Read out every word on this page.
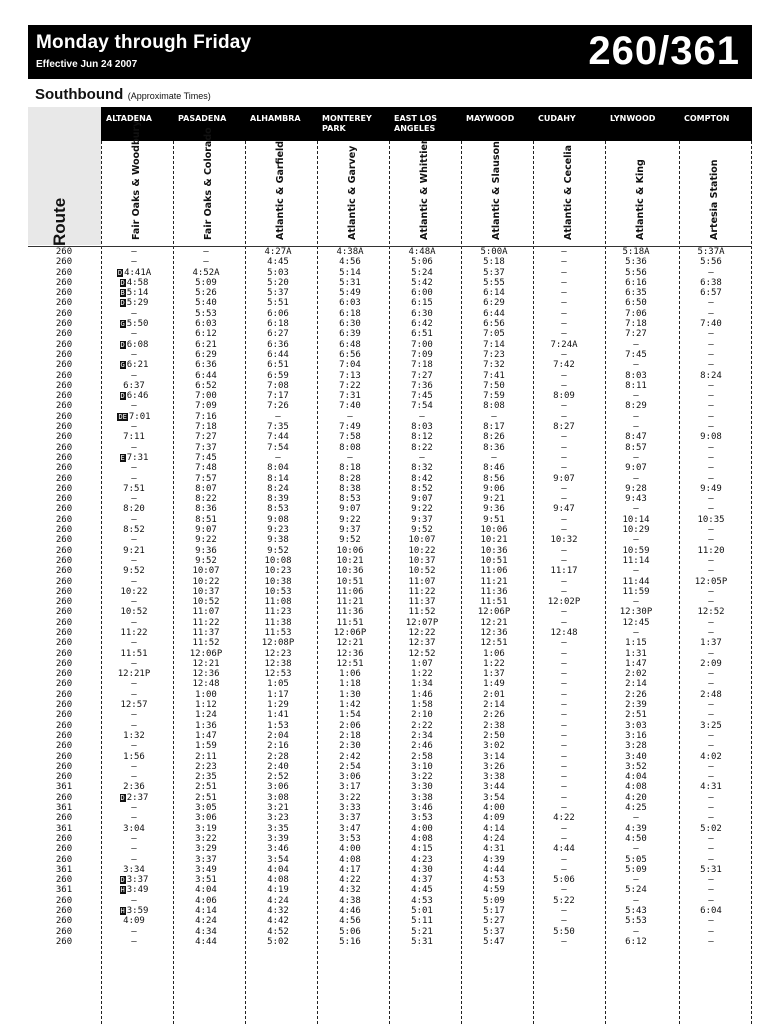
Monday through Friday
Effective Jun 24 2007	260/361
Southbound (Approximate Times)
Route
ALTADENA	PASADENA	ALHAMBRA	MONTEREY PARK
EAST LOS ANGELES
MAYWOOD	CUDAHY	LYNWOOD	COMPTON
Fair Oaks & Woodbury	Fair Oaks & Colorado	Atlantic & Garfield	Atlantic & Garvey	Atlantic & Whittier	Atlantic & Slauson	Atlantic & Cecelia	Atlantic & King	Artesia Station
260	—	—	4:27A	4:38A	4:48A	5:00A	—	5:18A	5:37A
260	—	—	4:45	4:56	5:06	5:18	—	5:36	5:56
260	D 4:41A	4:52A	5:03	5:14	5:24	5:37	—	5:56	—
260	D 4:58	5:09	5:20	5:31	5:42	5:55	—	6:16	6:38
260	B 5:14	5:26	5:37	5:49	6:00	6:14	—	6:35	6:57
260	D 5:29	5:40	5:51	6:03	6:15	6:29	—	6:50	—
260	—	5:53	6:06	6:18	6:30	6:44	—	7:06	—
260	G 5:50	6:03	6:18	6:30	6:42	6:56	—	7:18	7:40
260	—	6:12	6:27	6:39	6:51	7:05	—	7:27	—
260	D 6:08	6:21	6:36	6:48	7:00	7:14	7:24A	—	—
260	—	6:29	6:44	6:56	7:09	7:23	—	7:45	—
260	G 6:21	6:36	6:51	7:04	7:18	7:32	7:42	—	—
260	—	6:44	6:59	7:13	7:27	7:41	—	8:03	8:24
260	6:37	6:52	7:08	7:22	7:36	7:50	—	8:11	—
260	D 6:46	7:00	7:17	7:31	7:45	7:59	8:09	—	—
260	—	7:09	7:26	7:40	7:54	8:08	—	8:29	—
260	DE 7:01	7:16	—	—	—	—	—	—	—
260	—	7:18	7:35	7:49	8:03	8:17	8:27	—	—
260	7:11	7:27	7:44	7:58	8:12	8:26	—	8:47	9:08
260	—	7:37	7:54	8:08	8:22	8:36	—	8:57	—
260	E 7:31	7:45	—	—	—	—	—	—	—
260	—	7:48	8:04	8:18	8:32	8:46	—	9:07	—
260	—	7:57	8:14	8:28	8:42	8:56	9:07	—	—
260	7:51	8:07	8:24	8:38	8:52	9:06	—	9:28	9:49
260	—	8:22	8:39	8:53	9:07	9:21	—	9:43	—
260	8:20	8:36	8:53	9:07	9:22	9:36	9:47	—	—
260	—	8:51	9:08	9:22	9:37	9:51	—	10:14	10:35
260	8:52	9:07	9:23	9:37	9:52	10:06	—	10:29	—
260	—	9:22	9:38	9:52	10:07	10:21	10:32	—	—
260	9:21	9:36	9:52	10:06	10:22	10:36	—	10:59	11:20
260	—	9:52	10:08	10:21	10:37	10:51	—	11:14	—
260	9:52	10:07	10:23	10:36	10:52	11:06	11:17	—	—
260	—	10:22	10:38	10:51	11:07	11:21	—	11:44	12:05P
260	10:22	10:37	10:53	11:06	11:22	11:36	—	11:59	—
260	—	10:52	11:08	11:21	11:37	11:51	12:02P	—	—
260	10:52	11:07	11:23	11:36	11:52	12:06P	—	12:30P	12:52
260	—	11:22	11:38	11:51	12:07P	12:21	—	12:45	—
260	11:22	11:37	11:53	12:06P	12:22	12:36	12:48	—	—
260	—	11:52	12:08P	12:21	12:37	12:51	—	1:15	1:37
260	11:51	12:06P	12:23	12:36	12:52	1:06	—	1:31	—
260	—	12:21	12:38	12:51	1:07	1:22	—	1:47	2:09
260	12:21P	12:36	12:53	1:06	1:22	1:37	—	2:02	—
260	—	12:48	1:05	1:18	1:34	1:49	—	2:14	—
260	—	1:00	1:17	1:30	1:46	2:01	—	2:26	2:48
260	12:57	1:12	1:29	1:42	1:58	2:14	—	2:39	—
260	—	1:24	1:41	1:54	2:10	2:26	—	2:51	—
260	—	1:36	1:53	2:06	2:22	2:38	—	3:03	3:25
260	1:32	1:47	2:04	2:18	2:34	2:50	—	3:16	—
260	—	1:59	2:16	2:30	2:46	3:02	—	3:28	—
260	1:56	2:11	2:28	2:42	2:58	3:14	—	3:40	4:02
260	—	2:23	2:40	2:54	3:10	3:26	—	3:52	—
260	—	2:35	2:52	3:06	3:22	3:38	—	4:04	—
361	2:36	2:51	3:06	3:17	3:30	3:44	—	4:08	4:31
260	D 2:37	2:51	3:08	3:22	3:38	3:54	—	4:20	—
361	—	3:05	3:21	3:33	3:46	4:00	—	4:25	—
260	—	3:06	3:23	3:37	3:53	4:09	4:22	—	—
361	3:04	3:19	3:35	3:47	4:00	4:14	—	4:39	5:02
260	—	3:22	3:39	3:53	4:08	4:24	—	4:50	—
260	—	3:29	3:46	4:00	4:15	4:31	4:44	—	—
260	—	3:37	3:54	4:08	4:23	4:39	—	5:05	—
361	3:34	3:49	4:04	4:17	4:30	4:44	—	5:09	5:31
260	D 3:37	3:51	4:08	4:22	4:37	4:53	5:06	—	—
361	H 3:49	4:04	4:19	4:32	4:45	4:59	—	5:24	—
260	—	4:06	4:24	4:38	4:53	5:09	5:22	—	—
260	H 3:59	4:14	4:32	4:46	5:01	5:17	—	5:43	6:04
260	4:09	4:24	4:42	4:56	5:11	5:27	—	5:53	—
260	—	4:34	4:52	5:06	5:21	5:37	5:50	—	—
260	—	4:44	5:02	5:16	5:31	5:47	—	6:12	—
